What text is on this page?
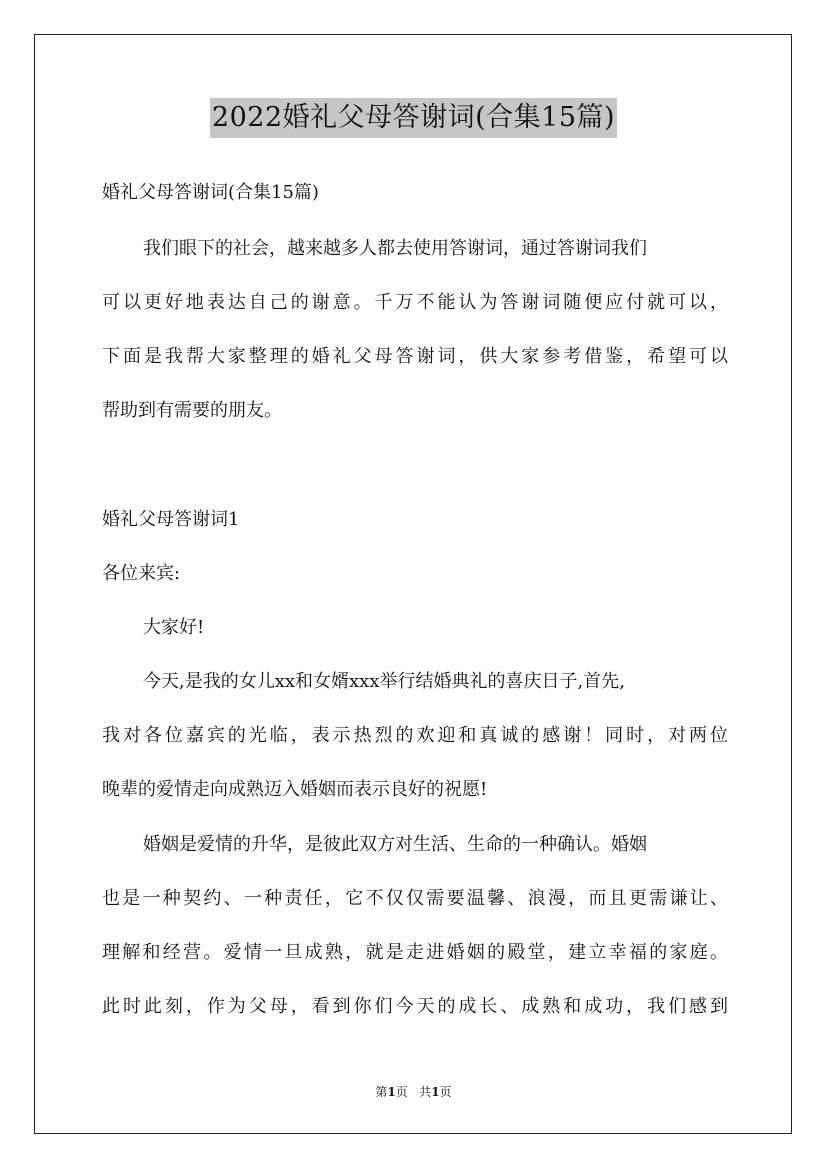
2022婚礼父母答谢词(合集15篇)
婚礼父母答谢词(合集15篇)
我们眼下的社会，越来越多人都去使用答谢词，通过答谢词我们
可以更好地表达自己的谢意。千万不能认为答谢词随便应付就可以，
下面是我帮大家整理的婚礼父母答谢词，供大家参考借鉴，希望可以
帮助到有需要的朋友。
婚礼父母答谢词1
各位来宾:
大家好!
今天,是我的女儿xx和女婿xxx举行结婚典礼的喜庆日子,首先,
我对各位嘉宾的光临，表示热烈的欢迎和真诚的感谢！同时，对两位
晚辈的爱情走向成熟迈入婚姻而表示良好的祝愿!
婚姻是爱情的升华，是彼此双方对生活、生命的一种确认。婚姻
也是一种契约、一种责任，它不仅仅需要温馨、浪漫，而且更需谦让、
理解和经营。爱情一旦成熟，就是走进婚姻的殿堂，建立幸福的家庭。
此时此刻，作为父母，看到你们今天的成长、成熟和成功，我们感到
第1页 共1页
